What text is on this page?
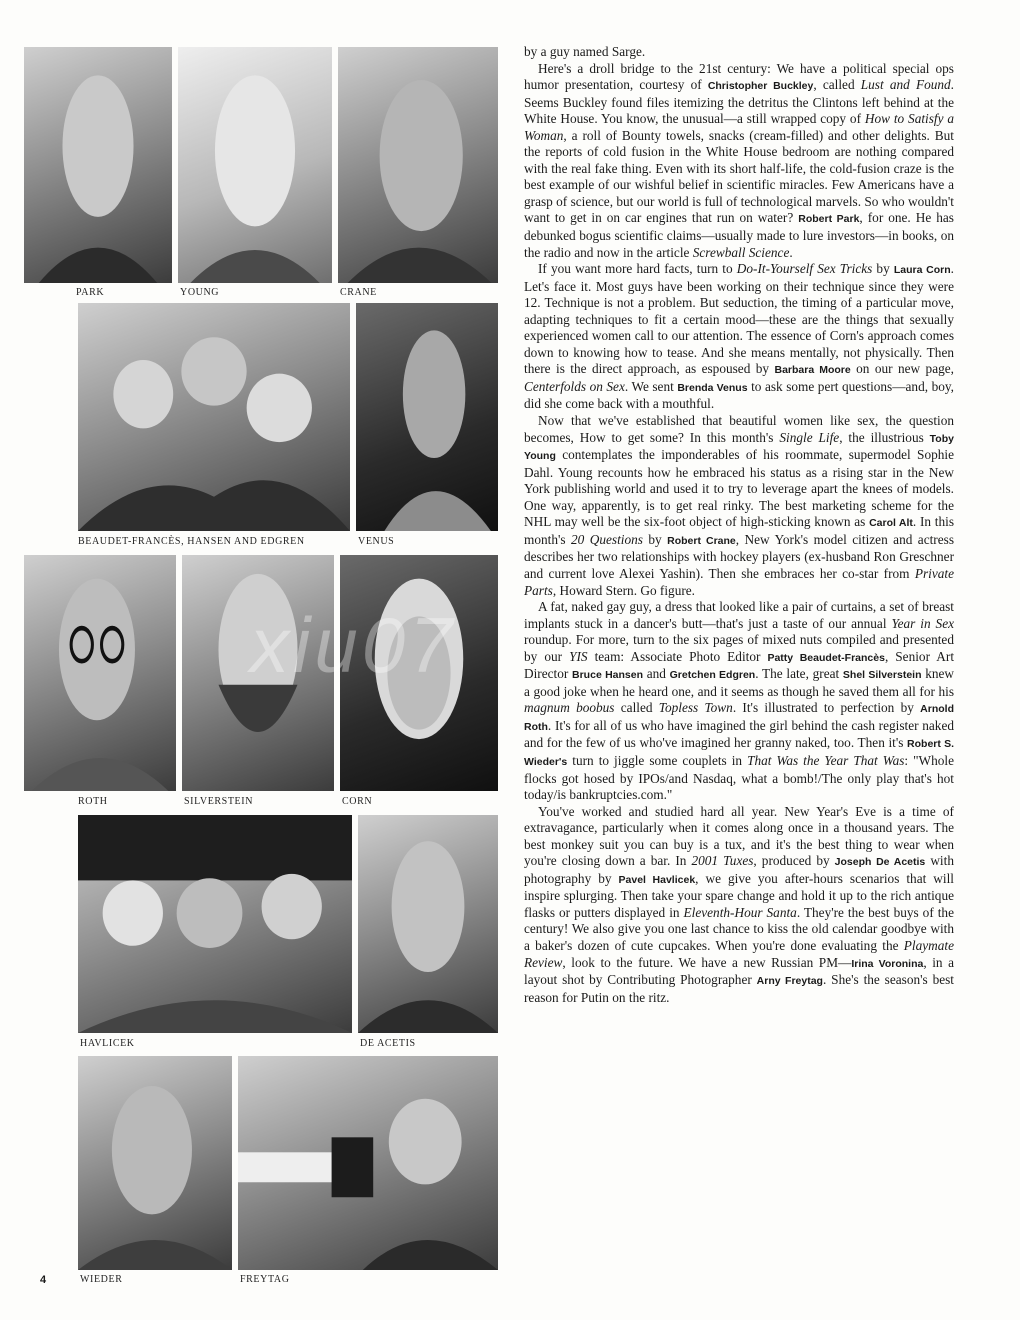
PARK	YOUNG	CRANE
BEAUDET-FRANCÈS, HANSEN AND EDGREN	VENUS
ROTH	SILVERSTEIN	CORN
HAVLICEK	DE ACETIS
WIEDER	FREYTAG
4
xiu07

by a guy named Sarge.

Here's a droll bridge to the 21st century: We have a political special ops humor presentation, courtesy of Christopher Buckley, called Lust and Found. Seems Buckley found files itemizing the detritus the Clintons left behind at the White House. You know, the unusual—a still wrapped copy of How to Satisfy a Woman, a roll of Bounty towels, snacks (cream-filled) and other delights. But the reports of cold fusion in the White House bedroom are nothing compared with the real fake thing. Even with its short half-life, the cold-fusion craze is the best example of our wishful belief in scientific miracles. Few Americans have a grasp of science, but our world is full of technological marvels. So who wouldn't want to get in on car engines that run on water? Robert Park, for one. He has debunked bogus scientific claims—usually made to lure investors—in books, on the radio and now in the article Screwball Science.

If you want more hard facts, turn to Do-It-Yourself Sex Tricks by Laura Corn. Let's face it. Most guys have been working on their technique since they were 12. Technique is not a problem. But seduction, the timing of a particular move, adapting techniques to fit a certain mood—these are the things that sexually experienced women call to our attention. The essence of Corn's approach comes down to knowing how to tease. And she means mentally, not physically. Then there is the direct approach, as espoused by Barbara Moore on our new page, Centerfolds on Sex. We sent Brenda Venus to ask some pert questions—and, boy, did she come back with a mouthful.

Now that we've established that beautiful women like sex, the question becomes, How to get some? In this month's Single Life, the illustrious Toby Young contemplates the imponderables of his roommate, supermodel Sophie Dahl. Young recounts how he embraced his status as a rising star in the New York publishing world and used it to try to leverage apart the knees of models. One way, apparently, is to get real rinky. The best marketing scheme for the NHL may well be the six-foot object of high-sticking known as Carol Alt. In this month's 20 Questions by Robert Crane, New York's model citizen and actress describes her two relationships with hockey players (ex-husband Ron Greschner and current love Alexei Yashin). Then she embraces her co-star from Private Parts, Howard Stern. Go figure.

A fat, naked gay guy, a dress that looked like a pair of curtains, a set of breast implants stuck in a dancer's butt—that's just a taste of our annual Year in Sex roundup. For more, turn to the six pages of mixed nuts compiled and presented by our YIS team: Associate Photo Editor Patty Beaudet-Francès, Senior Art Director Bruce Hansen and Gretchen Edgren. The late, great Shel Silverstein knew a good joke when he heard one, and it seems as though he saved them all for his magnum boobus called Topless Town. It's illustrated to perfection by Arnold Roth. It's for all of us who have imagined the girl behind the cash register naked and for the few of us who've imagined her granny naked, too. Then it's Robert S. Wieder's turn to jiggle some couplets in That Was the Year That Was: "Whole flocks got hosed by IPOs/and Nasdaq, what a bomb!/The only play that's hot today/is bankruptcies.com."

You've worked and studied hard all year. New Year's Eve is a time of extravagance, particularly when it comes along once in a thousand years. The best monkey suit you can buy is a tux, and it's the best thing to wear when you're closing down a bar. In 2001 Tuxes, produced by Joseph De Acetis with photography by Pavel Havlicek, we give you after-hours scenarios that will inspire splurging. Then take your spare change and hold it up to the rich antique flasks or putters displayed in Eleventh-Hour Santa. They're the best buys of the century! We also give you one last chance to kiss the old calendar goodbye with a baker's dozen of cute cupcakes. When you're done evaluating the Playmate Review, look to the future. We have a new Russian PM—Irina Voronina, in a layout shot by Contributing Photographer Arny Freytag. She's the season's best reason for Putin on the ritz.
